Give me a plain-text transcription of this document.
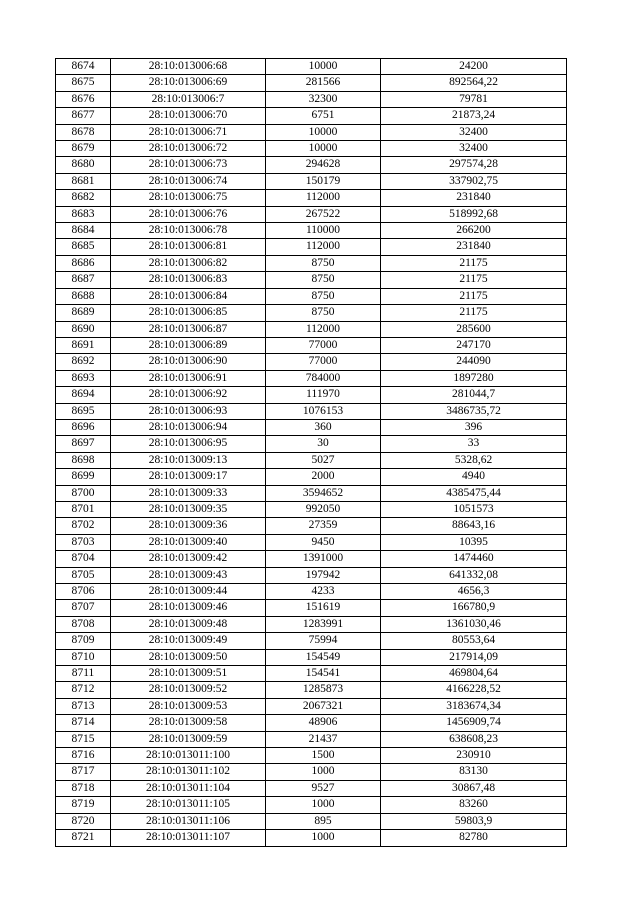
8674	28:10:013006:68	10000	24200
8675	28:10:013006:69	281566	892564,22
8676	28:10:013006:7	32300	79781
8677	28:10:013006:70	6751	21873,24
8678	28:10:013006:71	10000	32400
8679	28:10:013006:72	10000	32400
8680	28:10:013006:73	294628	297574,28
8681	28:10:013006:74	150179	337902,75
8682	28:10:013006:75	112000	231840
8683	28:10:013006:76	267522	518992,68
8684	28:10:013006:78	110000	266200
8685	28:10:013006:81	112000	231840
8686	28:10:013006:82	8750	21175
8687	28:10:013006:83	8750	21175
8688	28:10:013006:84	8750	21175
8689	28:10:013006:85	8750	21175
8690	28:10:013006:87	112000	285600
8691	28:10:013006:89	77000	247170
8692	28:10:013006:90	77000	244090
8693	28:10:013006:91	784000	1897280
8694	28:10:013006:92	111970	281044,7
8695	28:10:013006:93	1076153	3486735,72
8696	28:10:013006:94	360	396
8697	28:10:013006:95	30	33
8698	28:10:013009:13	5027	5328,62
8699	28:10:013009:17	2000	4940
8700	28:10:013009:33	3594652	4385475,44
8701	28:10:013009:35	992050	1051573
8702	28:10:013009:36	27359	88643,16
8703	28:10:013009:40	9450	10395
8704	28:10:013009:42	1391000	1474460
8705	28:10:013009:43	197942	641332,08
8706	28:10:013009:44	4233	4656,3
8707	28:10:013009:46	151619	166780,9
8708	28:10:013009:48	1283991	1361030,46
8709	28:10:013009:49	75994	80553,64
8710	28:10:013009:50	154549	217914,09
8711	28:10:013009:51	154541	469804,64
8712	28:10:013009:52	1285873	4166228,52
8713	28:10:013009:53	2067321	3183674,34
8714	28:10:013009:58	48906	1456909,74
8715	28:10:013009:59	21437	638608,23
8716	28:10:013011:100	1500	230910
8717	28:10:013011:102	1000	83130
8718	28:10:013011:104	9527	30867,48
8719	28:10:013011:105	1000	83260
8720	28:10:013011:106	895	59803,9
8721	28:10:013011:107	1000	82780
